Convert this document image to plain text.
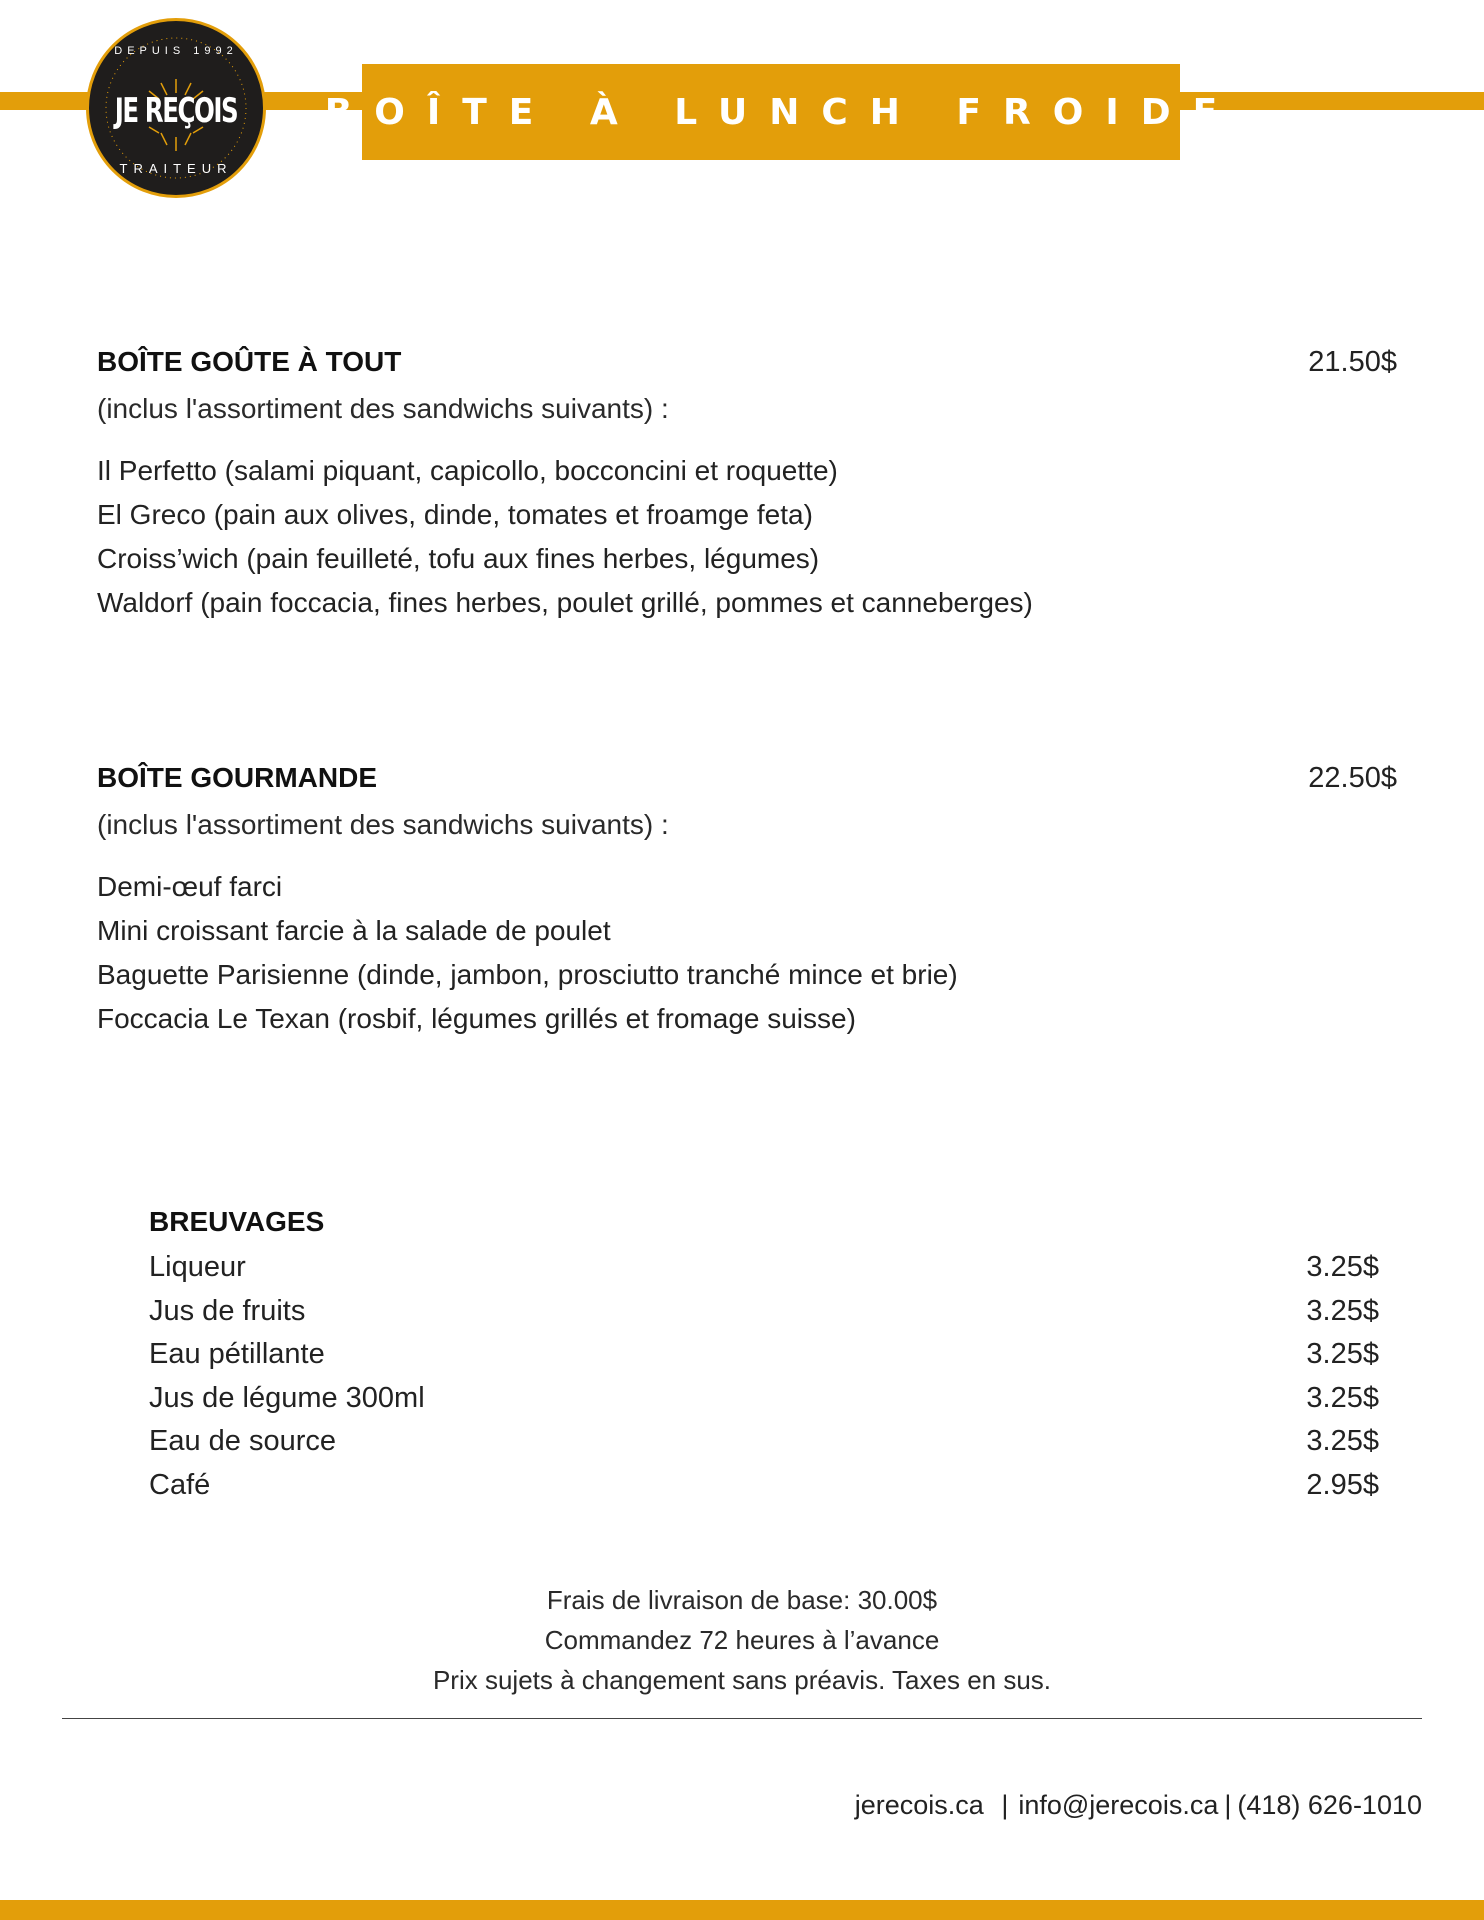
DEPUIS 1992
JE REÇOIS
TRAITEUR
BOÎTE À LUNCH FROIDE
BOÎTE GOÛTE À TOUT	21.50$
(inclus l'assortiment des sandwichs suivants) :
Il Perfetto (salami piquant, capicollo, bocconcini et roquette)
El Greco (pain aux olives, dinde, tomates et froamge feta)
Croiss’wich (pain feuilleté, tofu aux fines herbes, légumes)
Waldorf (pain foccacia, fines herbes, poulet grillé, pommes et canneberges)
BOÎTE GOURMANDE	22.50$
(inclus l'assortiment des sandwichs suivants) :
Demi-œuf farci
Mini croissant farcie à la salade de poulet
Baguette Parisienne (dinde, jambon, prosciutto tranché mince et brie)
Foccacia Le Texan (rosbif, légumes grillés et fromage suisse)
BREUVAGES
Liqueur	3.25$
Jus de fruits	3.25$
Eau pétillante	3.25$
Jus de légume 300ml	3.25$
Eau de source	3.25$
Café	2.95$
Frais de livraison de base: 30.00$
Commandez 72 heures à l’avance
Prix sujets à changement sans préavis. Taxes en sus.
jerecois.ca | info@jerecois.ca | (418) 626-1010
